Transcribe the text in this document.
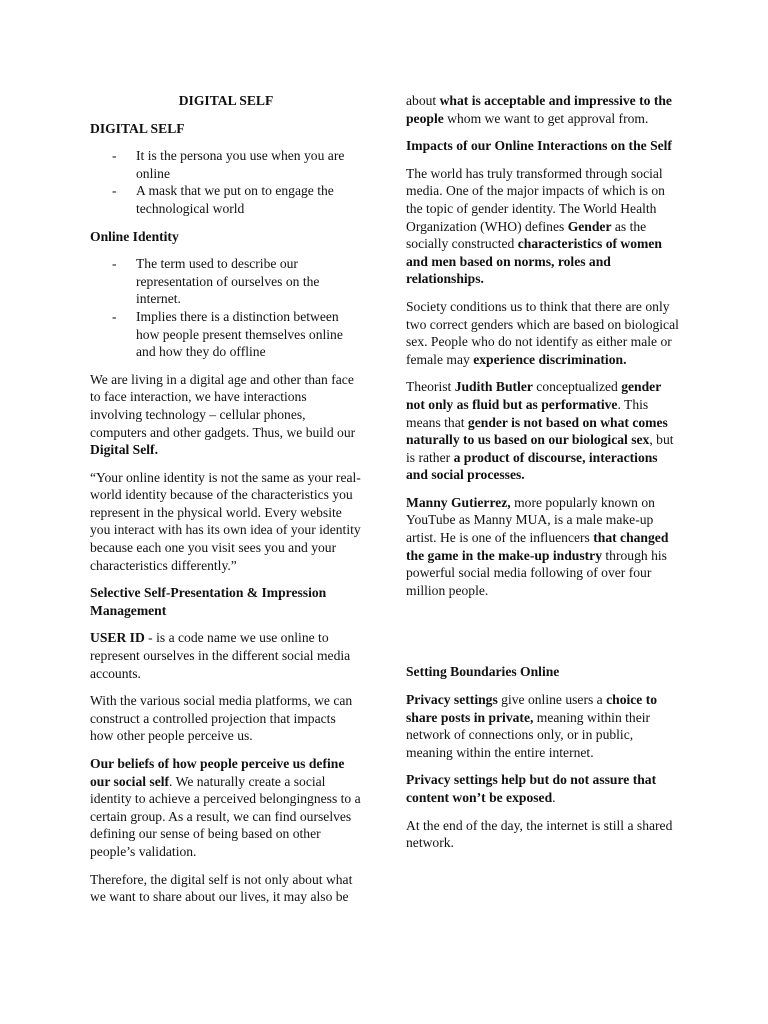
DIGITAL SELF
DIGITAL SELF
- It is the persona you use when you are online
- A mask that we put on to engage the technological world
Online Identity
- The term used to describe our representation of ourselves on the internet.
- Implies there is a distinction between how people present themselves online and how they do offline

We are living in a digital age and other than face to face interaction, we have interactions involving technology – cellular phones, computers and other gadgets. Thus, we build our Digital Self.

“Your online identity is not the same as your real-world identity because of the characteristics you represent in the physical world. Every website you interact with has its own idea of your identity because each one you visit sees you and your characteristics differently.”

Selective Self-Presentation & Impression Management

USER ID - is a code name we use online to represent ourselves in the different social media accounts.

With the various social media platforms, we can construct a controlled projection that impacts how other people perceive us.

Our beliefs of how people perceive us define our social self. We naturally create a social identity to achieve a perceived belongingness to a certain group. As a result, we can find ourselves defining our sense of being based on other people’s validation.

Therefore, the digital self is not only about what we want to share about our lives, it may also be

about what is acceptable and impressive to the people whom we want to get approval from.

Impacts of our Online Interactions on the Self

The world has truly transformed through social media. One of the major impacts of which is on the topic of gender identity. The World Health Organization (WHO) defines Gender as the socially constructed characteristics of women and men based on norms, roles and relationships.

Society conditions us to think that there are only two correct genders which are based on biological sex. People who do not identify as either male or female may experience discrimination.

Theorist Judith Butler conceptualized gender not only as fluid but as performative. This means that gender is not based on what comes naturally to us based on our biological sex, but is rather a product of discourse, interactions and social processes.

Manny Gutierrez, more popularly known on YouTube as Manny MUA, is a male make-up artist. He is one of the influencers that changed the game in the make-up industry through his powerful social media following of over four million people.

Setting Boundaries Online

Privacy settings give online users a choice to share posts in private, meaning within their network of connections only, or in public, meaning within the entire internet.

Privacy settings help but do not assure that content won’t be exposed.

At the end of the day, the internet is still a shared network.
